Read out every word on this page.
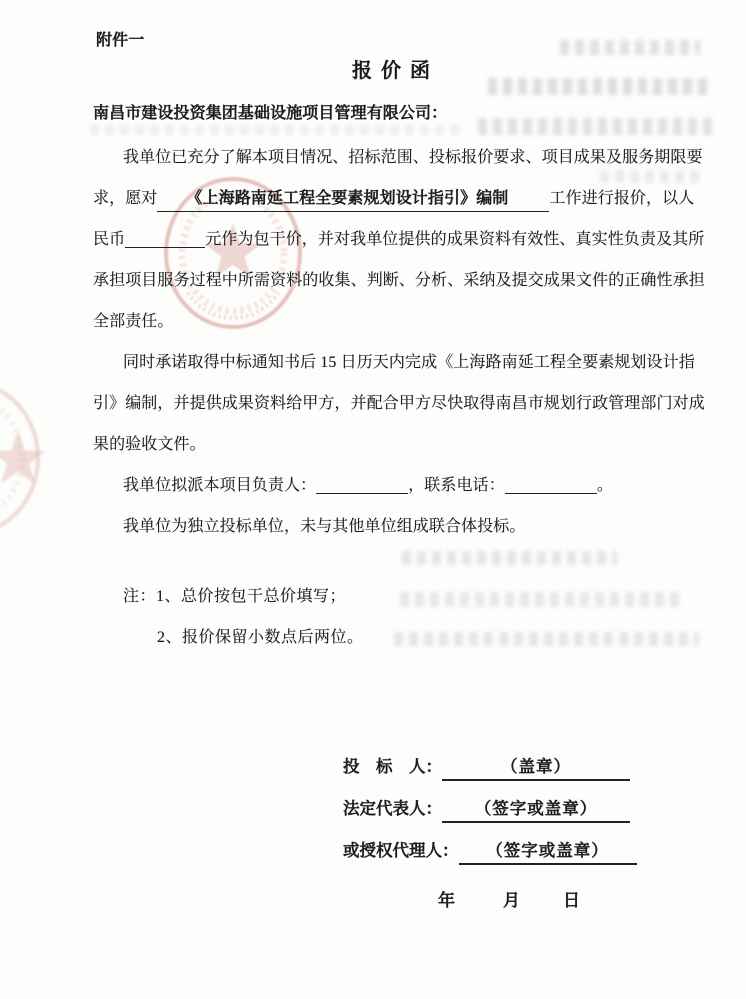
附件一
报 价 函
南昌市建设投资集团基础设施项目管理有限公司：
我单位已充分了解本项目情况、招标范围、投标报价要求、项目成果及服务期限要
求，愿对 《上海路南延工程全要素规划设计指引》编制	工作进行报价，以人
民币	元作为包干价，并对我单位提供的成果资料有效性、真实性负责及其所
承担项目服务过程中所需资料的收集、判断、分析、采纳及提交成果文件的正确性承担
全部责任。
同时承诺取得中标通知书后 15 日历天内完成《上海路南延工程全要素规划设计指
引》编制，并提供成果资料给甲方，并配合甲方尽快取得南昌市规划行政管理部门对成
果的验收文件。
我单位拟派本项目负责人：	，联系电话：	。
我单位为独立投标单位，未与其他单位组成联合体投标。
注：1、总价按包干总价填写；
2、报价保留小数点后两位。
投　标　人：	（盖章）
法定代表人： （签字或盖章）
或授权代理人： （签字或盖章）
年	月	日
